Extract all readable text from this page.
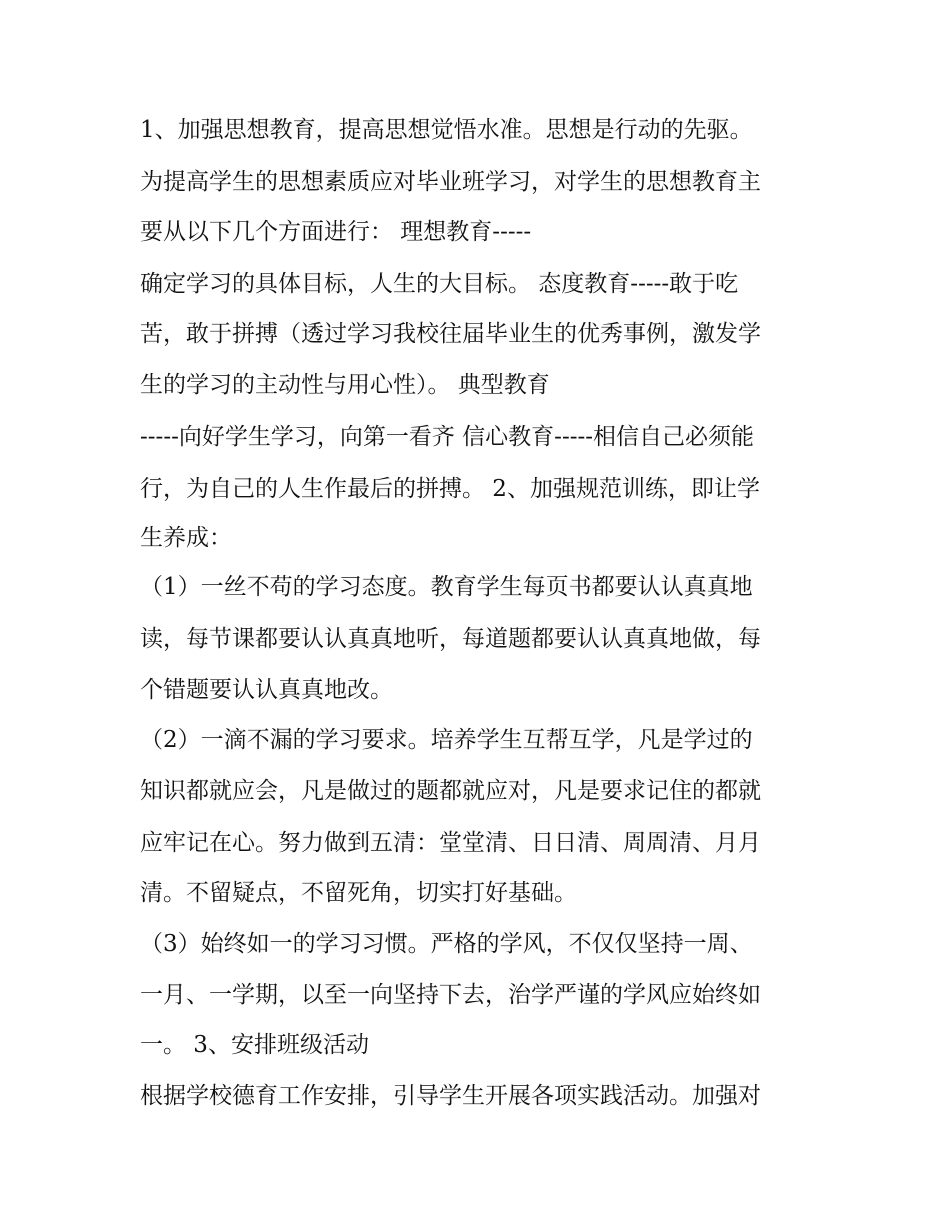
1、加强思想教育，提高思想觉悟水准。思想是行动的先驱。
为提高学生的思想素质应对毕业班学习，对学生的思想教育主
要从以下几个方面进行： 理想教育-----
确定学习的具体目标，人生的大目标。 态度教育-----敢于吃
苦，敢于拼搏（透过学习我校往届毕业生的优秀事例，激发学
生的学习的主动性与用心性）。 典型教育
-----向好学生学习，向第一看齐 信心教育-----相信自己必须能
行，为自己的人生作最后的拼搏。 2、加强规范训练，即让学
生养成：
（1）一丝不苟的学习态度。教育学生每页书都要认认真真地
读，每节课都要认认真真地听，每道题都要认认真真地做，每
个错题要认认真真地改。
（2）一滴不漏的学习要求。培养学生互帮互学，凡是学过的
知识都就应会，凡是做过的题都就应对，凡是要求记住的都就
应牢记在心。努力做到五清：堂堂清、日日清、周周清、月月
清。不留疑点，不留死角，切实打好基础。
（3）始终如一的学习习惯。严格的学风，不仅仅坚持一周、
一月、一学期，以至一向坚持下去，治学严谨的学风应始终如
一。 3、安排班级活动
根据学校德育工作安排，引导学生开展各项实践活动。加强对
